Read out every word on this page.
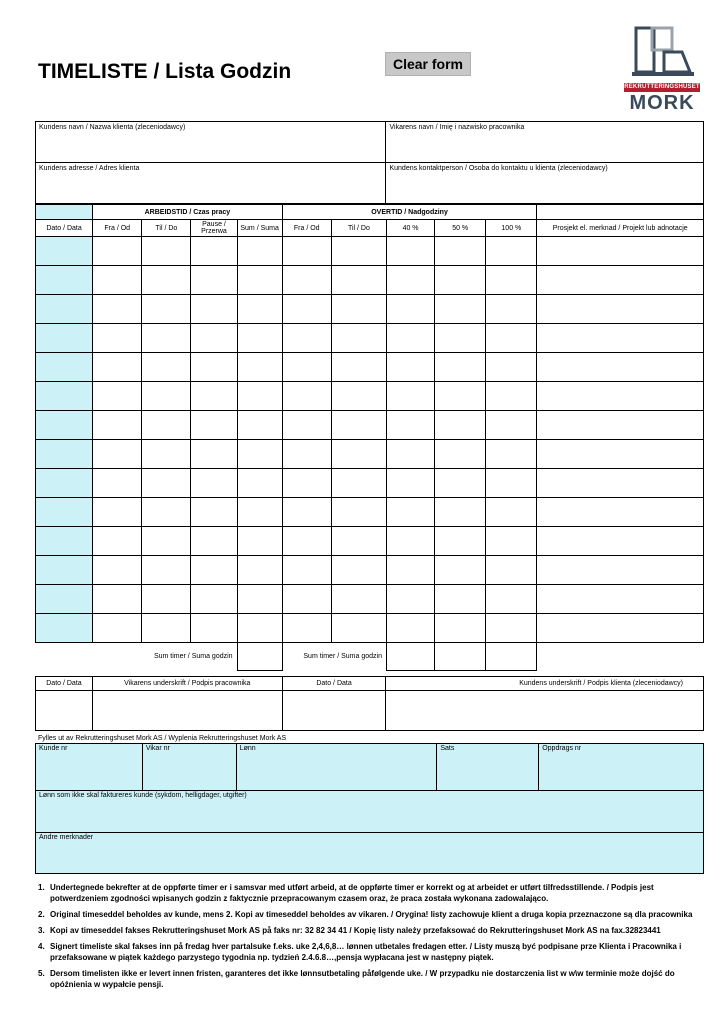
TIMELISTE / Lista Godzin	Clear form
REKRUTTERINGSHUSET
MORK
Kundens navn / Nazwa klienta (zleceniodawcy)	Vikarens navn / Imię i nazwisko pracownika

Kundens adresse / Adres klienta	Kundens kontaktperson / Osoba do kontaktu u klienta (zleceniodawcy)
	ARBEIDSTID / Czas pracy				OVERTID / Nadgodziny					
Dato / Data	Fra / Od	Til / Do	Pause / Przerwa	Sum / Suma	Fra / Od	Til / Do	40 %	50 %	100 %	Prosjekt el. merknad / Projekt lub adnotacje

Sum timer / Suma godzin					Sum timer / Suma godzin					
Dato / Data	Vikarens underskrift / Podpis pracownika	Dato / Data	Kundens underskrift / Podpis klienta (zleceniodawcy)

Fylles ut av Rekrutteringshuset Mork AS / Wyplenia Rekrutteringshuset Mork AS
Kunde nr	Vikar nr	Lønn	Sats	Oppdrags nr

Lønn som ikke skal faktureres kunde (sykdom, helligdager, utgifter)

Andre merknader
1. Undertegnede bekrefter at de oppførte timer er i samsvar med utført arbeid, at de oppførte timer er korrekt og at arbeidet er utført tilfredsstillende. / Podpis jest potwerdzeniem zgodności wpisanych godzin z faktycznie przepracowanym czasem oraz, że praca została wykonana zadowalająco.
2. Original timeseddel beholdes av kunde, mens 2. Kopi av timeseddel beholdes av vikaren. / Orygina! listy zachowuje klient a druga kopia przeznaczone są dla pracownika
3. Kopi av timeseddel fakses Rekrutteringshuset Mork AS på faks nr: 32 82 34 41 / Kopię listy należy przefaksować do Rekrutteringshuset Mork AS na fax.32823441
4. Signert timeliste skal fakses inn på fredag hver partalsuke f.eks. uke 2,4,6,8… lønnen utbetales fredagen etter. / Listy muszą być podpisane prze Klienta i Pracownika i przefaksowane w piątek każdego parzystego tygodnia np. tydzień 2.4.6.8…,pensja wypłacana jest w następny piątek.
5. Dersom timelisten ikke er levert innen fristen, garanteres det ikke lønnsutbetaling påfølgende uke. / W przypadku nie dostarczenia list w w\w terminie może dojść do opóźnienia w wypałcie pensji.
